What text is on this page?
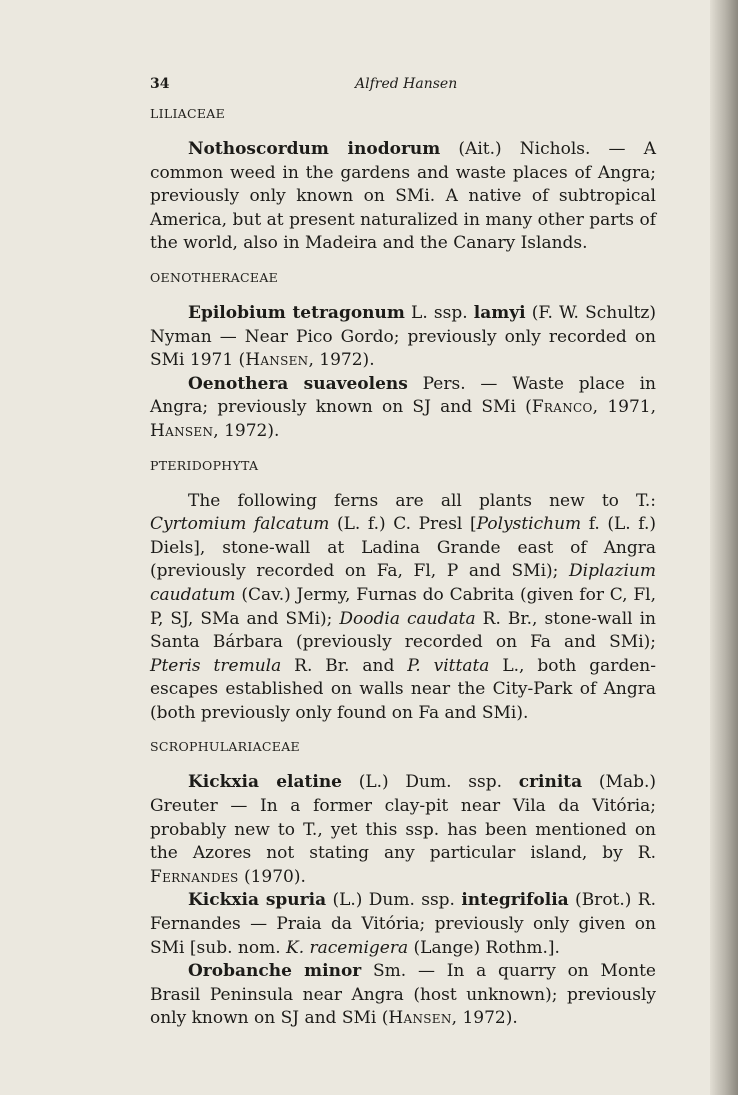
34	Alfred Hansen
LILIACEAE

Nothoscordum inodorum (Ait.) Nichols. — A common weed in the gardens and waste places of Angra; previously only known on SMi. A native of subtropical America, but at present naturalized in many other parts of the world, also in Madeira and the Canary Islands.

OENOTHERACEAE

Epilobium tetragonum L. ssp. lamyi (F. W. Schultz) Nyman — Near Pico Gordo; previously only recorded on SMi 1971 (Hansen, 1972).

Oenothera suaveolens Pers. — Waste place in Angra; previously known on SJ and SMi (Franco, 1971, Hansen, 1972).

PTERIDOPHYTA

The following ferns are all plants new to T.: Cyrtomium falcatum (L. f.) C. Presl [Polystichum f. (L. f.) Diels], stone-wall at Ladina Grande east of Angra (previously recorded on Fa, Fl, P and SMi); Diplazium caudatum (Cav.) Jermy, Furnas do Cabrita (given for C, Fl, P, SJ, SMa and SMi); Doodia caudata R. Br., stone-wall in Santa Bárbara (previously recorded on Fa and SMi); Pteris tremula R. Br. and P. vittata L., both garden-escapes established on walls near the City-Park of Angra (both previously only found on Fa and SMi).

SCROPHULARIACEAE

Kickxia elatine (L.) Dum. ssp. crinita (Mab.) Greuter — In a former clay-pit near Vila da Vitória; probably new to T., yet this ssp. has been mentioned on the Azores not stating any particular island, by R. Fernandes (1970).

Kickxia spuria (L.) Dum. ssp. integrifolia (Brot.) R. Fernandes — Praia da Vitória; previously only given on SMi [sub. nom. K. racemigera (Lange) Rothm.].

Orobanche minor Sm. — In a quarry on Monte Brasil Peninsula near Angra (host unknown); previously only known on SJ and SMi (Hansen, 1972).
